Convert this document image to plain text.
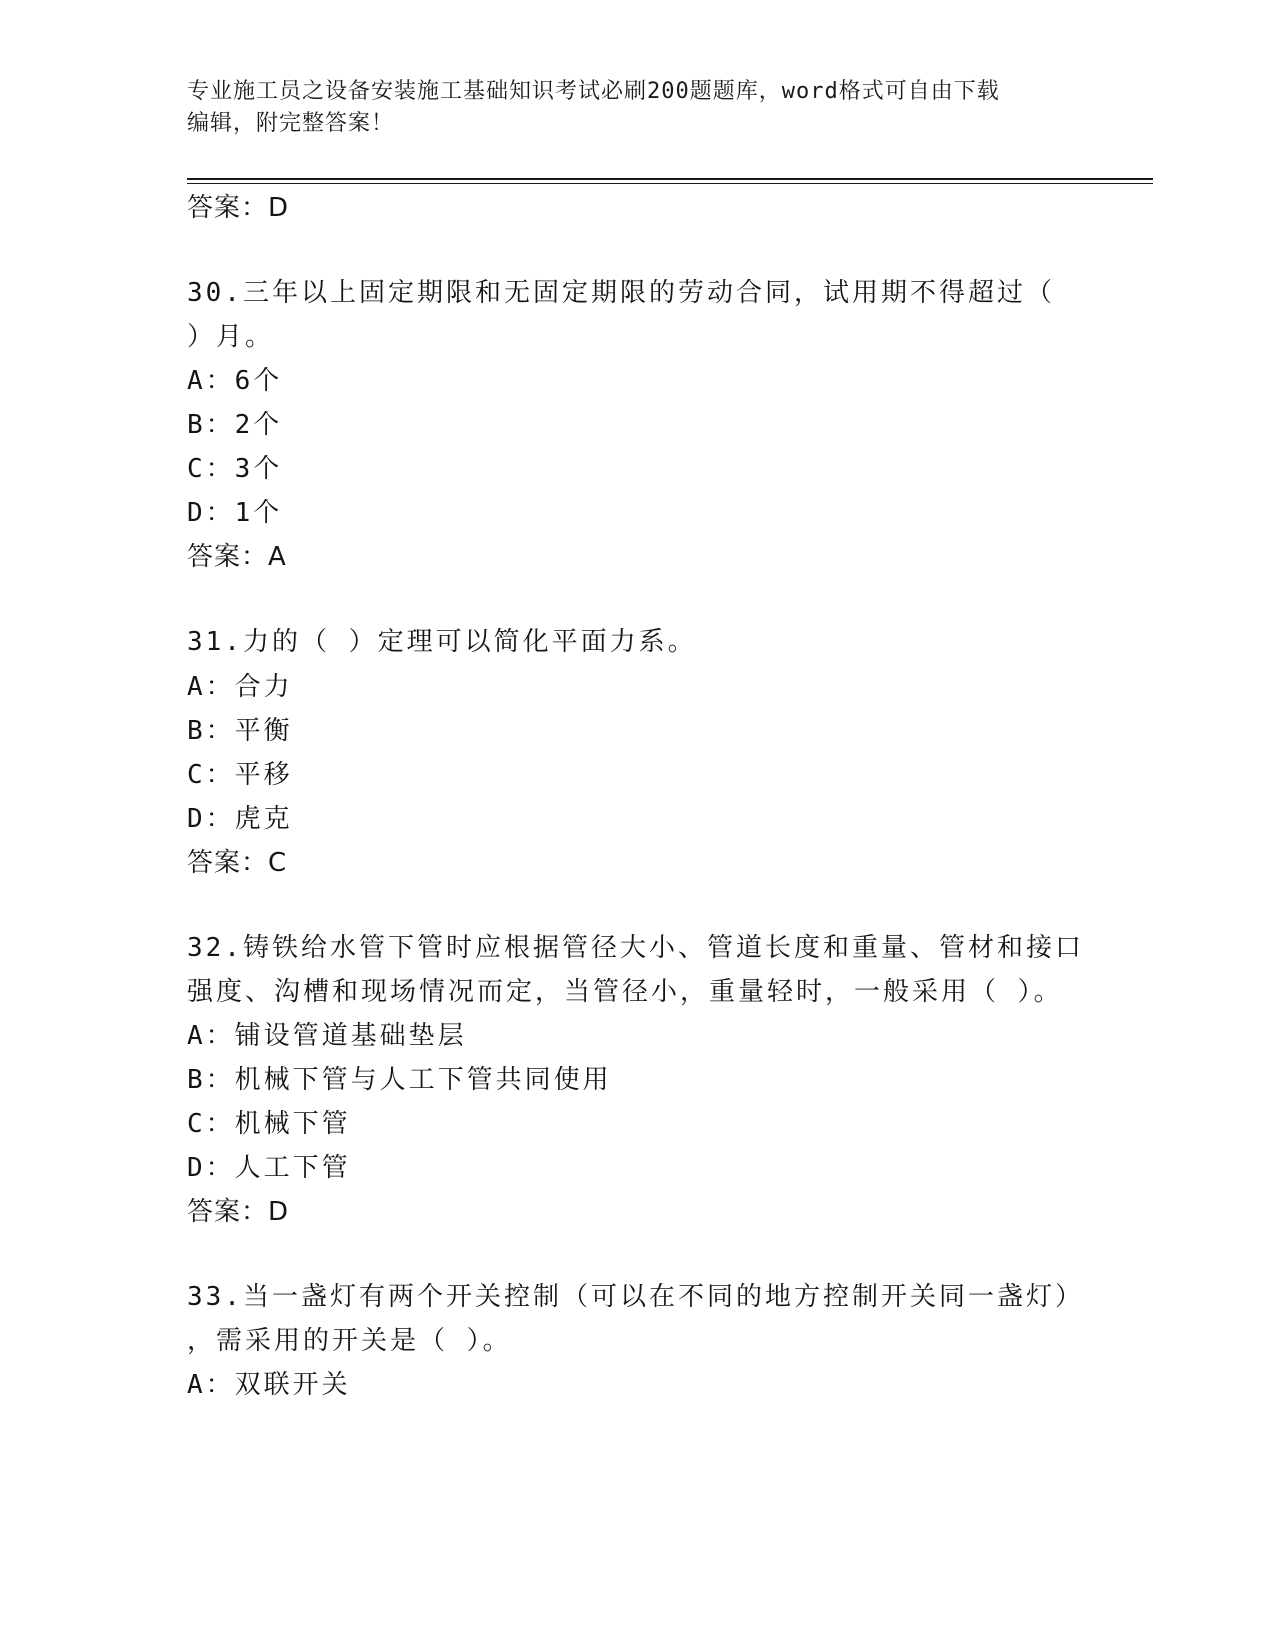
专业施工员之设备安装施工基础知识考试必刷200题题库，word格式可自由下载
编辑，附完整答案！
答案：D
30.三年以上固定期限和无固定期限的劳动合同，试用期不得超过（
）月。
A：6个
B：2个
C：3个
D：1个
答案：A
31.力的（ ）定理可以简化平面力系。
A：合力
B：平衡
C：平移
D：虎克
答案：C
32.铸铁给水管下管时应根据管径大小、管道长度和重量、管材和接口
强度、沟槽和现场情况而定，当管径小，重量轻时，一般采用（ ）。
A：铺设管道基础垫层
B：机械下管与人工下管共同使用
C：机械下管
D：人工下管
答案：D
33.当一盏灯有两个开关控制（可以在不同的地方控制开关同一盏灯）
，需采用的开关是（ ）。
A：双联开关
